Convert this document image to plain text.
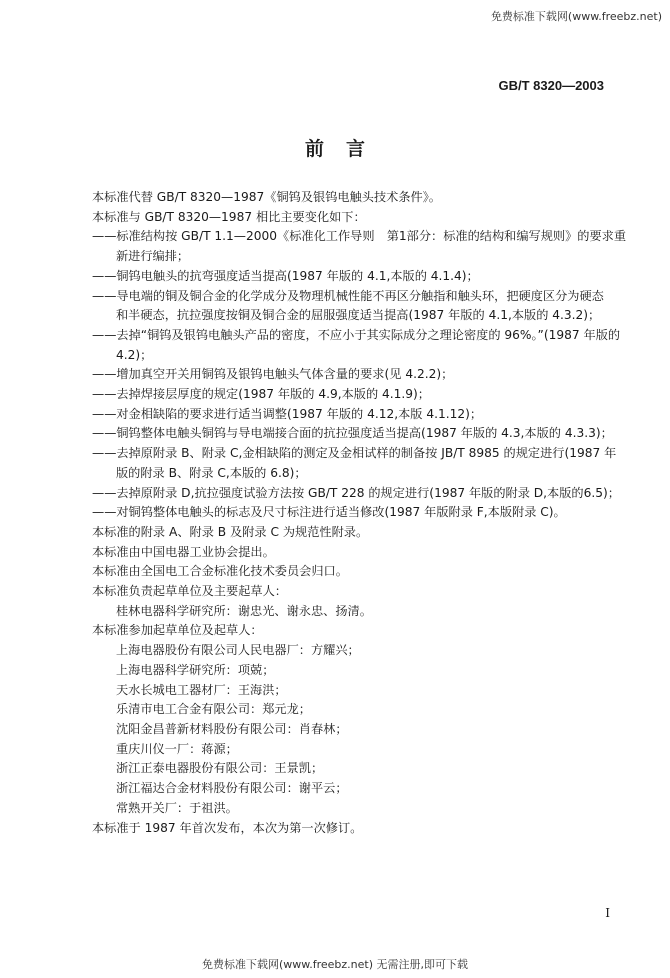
免费标准下载网(www.freebz.net)
GB/T 8320—2003
前言
本标准代替 GB/T 8320—1987《铜钨及银钨电触头技术条件》。
本标准与 GB/T 8320—1987 相比主要变化如下：
——标准结构按 GB/T 1.1—2000《标准化工作导则　第1部分：标准的结构和编写规则》的要求重
新进行编排；
——铜钨电触头的抗弯强度适当提高(1987 年版的 4.1,本版的 4.1.4)；
——导电端的铜及铜合金的化学成分及物理机械性能不再区分触指和触头环，把硬度区分为硬态
和半硬态，抗拉强度按铜及铜合金的屈服强度适当提高(1987 年版的 4.1,本版的 4.3.2)；
——去掉“铜钨及银钨电触头产品的密度，不应小于其实际成分之理论密度的 96%。”(1987 年版的
4.2)；
——增加真空开关用铜钨及银钨电触头气体含量的要求(见 4.2.2)；
——去掉焊接层厚度的规定(1987 年版的 4.9,本版的 4.1.9)；
——对金相缺陷的要求进行适当调整(1987 年版的 4.12,本版 4.1.12)；
——铜钨整体电触头铜钨与导电端接合面的抗拉强度适当提高(1987 年版的 4.3,本版的 4.3.3)；
——去掉原附录 B、附录 C,金相缺陷的测定及金相试样的制备按 JB/T 8985 的规定进行(1987 年
版的附录 B、附录 C,本版的 6.8)；
——去掉原附录 D,抗拉强度试验方法按 GB/T 228 的规定进行(1987 年版的附录 D,本版的6.5)；
——对铜钨整体电触头的标志及尺寸标注进行适当修改(1987 年版附录 F,本版附录 C)。
本标准的附录 A、附录 B 及附录 C 为规范性附录。
本标准由中国电器工业协会提出。
本标准由全国电工合金标准化技术委员会归口。
本标准负责起草单位及主要起草人：
桂林电器科学研究所：谢忠光、谢永忠、扬清。
本标准参加起草单位及起草人：
上海电器股份有限公司人民电器厂：方耀兴；
上海电器科学研究所：项兢；
天水长城电工器材厂：王海洪；
乐清市电工合金有限公司：郑元龙；
沈阳金昌普新材料股份有限公司：肖春林；
重庆川仪一厂：蒋源；
浙江正泰电器股份有限公司：王景凯；
浙江福达合金材料股份有限公司：谢平云；
常熟开关厂：于祖洪。
本标准于 1987 年首次发布，本次为第一次修订。
I
免费标准下载网(www.freebz.net) 无需注册,即可下载
